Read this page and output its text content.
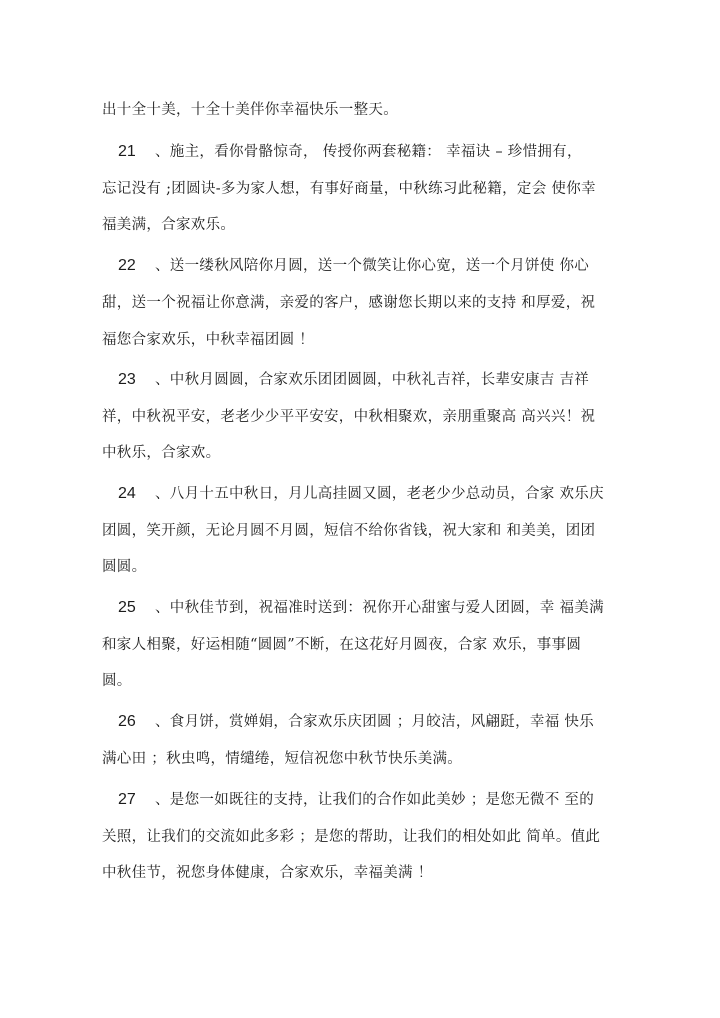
出十全十美，十全十美伴你幸福快乐一整天。
21	、施主，看你骨骼惊奇， 传授你两套秘籍： 幸福诀 – 珍惜拥有，
忘记没有 ;团圆诀-多为家人想，有事好商量，中秋练习此秘籍，定会 使你幸
福美满，合家欢乐。
22	、送一缕秋风陪你月圆，送一个微笑让你心宽，送一个月饼使 你心
甜，送一个祝福让你意满，亲爱的客户，感谢您长期以来的支持 和厚爱，祝
福您合家欢乐，中秋幸福团圆 ！
23	、中秋月圆圆，合家欢乐团团圆圆，中秋礼吉祥，长辈安康吉 吉祥
祥，中秋祝平安，老老少少平平安安，中秋相聚欢，亲朋重聚高 高兴兴！祝
中秋乐，合家欢。
24	、八月十五中秋日，月儿高挂圆又圆，老老少少总动员，合家 欢乐庆
团圆，笑开颜，无论月圆不月圆，短信不给你省钱，祝大家和 和美美，团团
圆圆。
25	、中秋佳节到，祝福准时送到：祝你开心甜蜜与爱人团圆，幸 福美满
和家人相聚，好运相随“圆圆”不断，在这花好月圆夜，合家 欢乐，事事圆
圆。
26	、食月饼，赏婵娟，合家欢乐庆团圆 ；月皎洁，风翩跹，幸福 快乐
满心田 ；秋虫鸣，情缱绻，短信祝您中秋节快乐美满。
27	、是您一如既往的支持，让我们的合作如此美妙 ；是您无微不 至的
关照，让我们的交流如此多彩 ；是您的帮助，让我们的相处如此 简单。值此
中秋佳节，祝您身体健康，合家欢乐，幸福美满 ！
